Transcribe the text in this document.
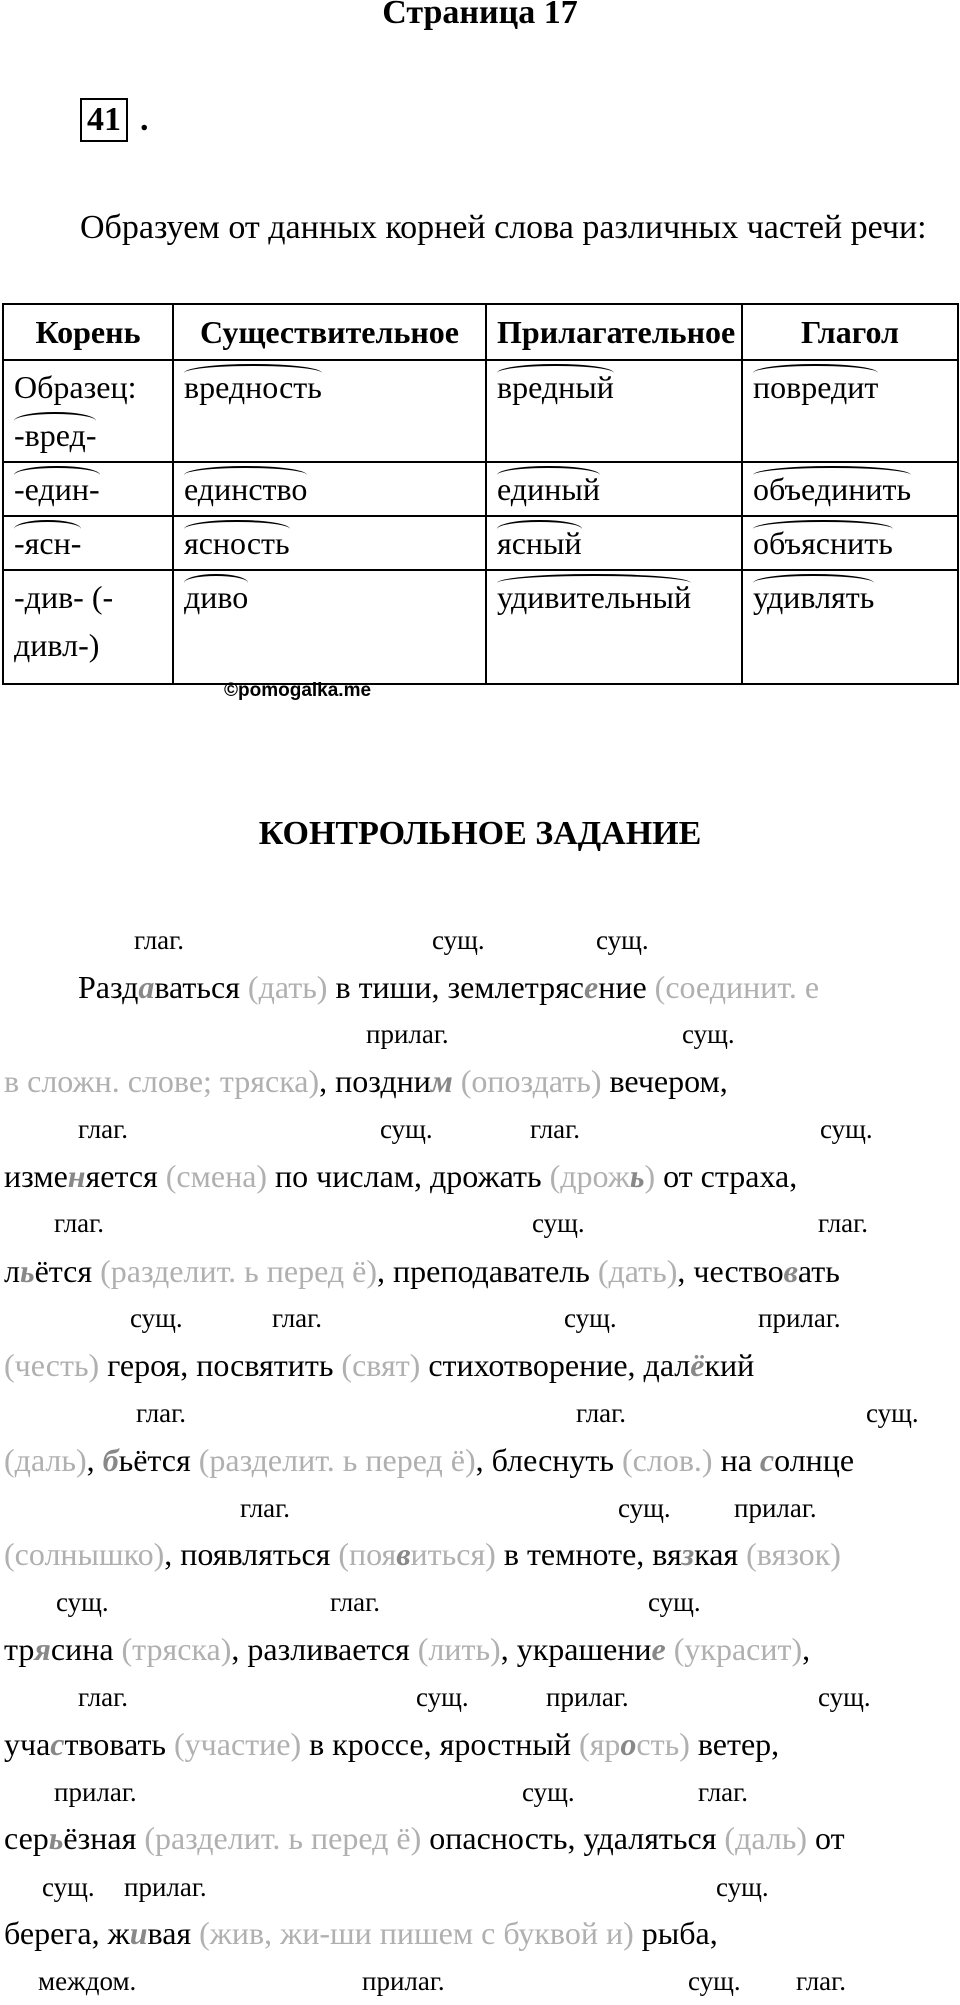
Страница 17
41 .
Образуем от данных корней слова различных частей речи:
Корень	Существительное	Прилагательное	Глагол
Образец:
-вред-	вредность	вредный	повредит
-един-	единство	единый	объединить
-ясн-	ясность	ясный	объяснить
-див- (-дивл-)	диво	удивительный	удивлять
©pomogalka.me
КОНТРОЛЬНОЕ ЗАДАНИЕ
глаг.	сущ.	сущ.
прилаг.	сущ.
глаг.	сущ.	глаг.	сущ.
глаг.	сущ.	глаг.
сущ.	глаг.	сущ.	прилаг.
глаг.	глаг.	сущ.
глаг.	сущ. прилаг.
сущ.	глаг.	сущ.
глаг.	сущ.	прилаг.	сущ.
прилаг.	сущ.	глаг.
сущ. прилаг.	сущ.
междом.	прилаг.	сущ. глаг.
Раздаваться (дать) в тиши, землетрясение (соединит. е
в сложн. слове; тряска), поздним (опоздать) вечером,
изменяется (смена) по числам, дрожать (дрожь) от страха,
льётся (разделит. ь перед ё), преподаватель (дать), чествовать
(честь) героя, посвятить (свят) стихотворение, далёкий
(даль), бьётся (разделит. ь перед ё), блеснуть (слов.) на солнце
(солнышко), появляться (появиться) в темноте, вязкая (вязок)
трясина (тряска), разливается (лить), украшение (украсит),
участвовать (участие) в кроссе, яростный (ярость) ветер,
серьёзная (разделит. ь перед ё) опасность, удаляться (даль) от
берега, живая (жив, жи-ши пишем с буквой и) рыба,
